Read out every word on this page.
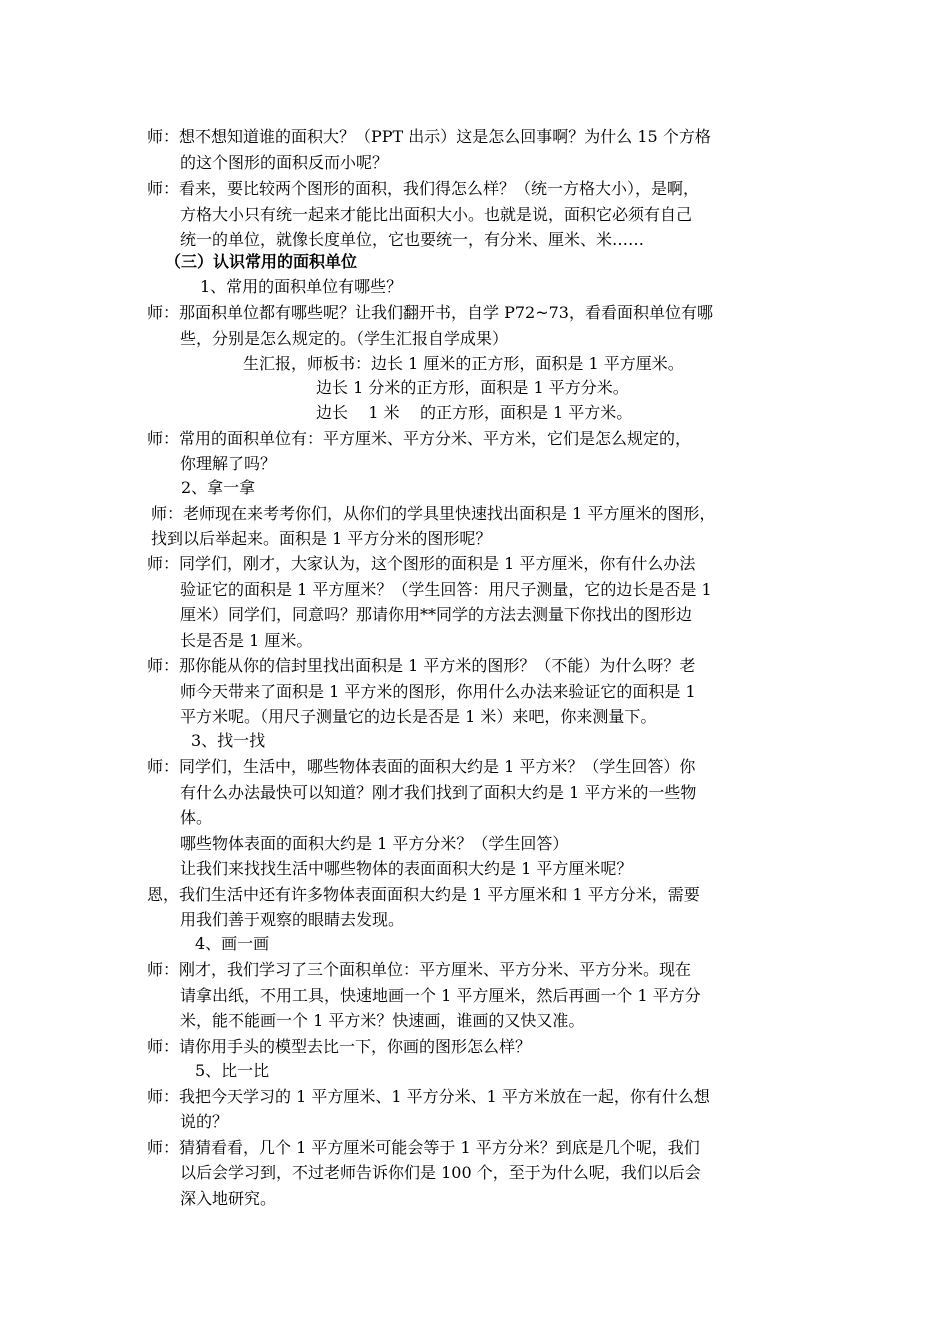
师：想不想知道谁的面积大？（PPT 出示）这是怎么回事啊？为什么 15 个方格
的这个图形的面积反而小呢？
师：看来，要比较两个图形的面积，我们得怎么样？（统一方格大小），是啊，
方格大小只有统一起来才能比出面积大小。也就是说，面积它必须有自己
统一的单位，就像长度单位，它也要统一，有分米、厘米、米……
（三）认识常用的面积单位
1、常用的面积单位有哪些？
师：那面积单位都有哪些呢？让我们翻开书，自学 P72~73，看看面积单位有哪
些，分别是怎么规定的。（学生汇报自学成果）
生汇报，师板书：边长 1 厘米的正方形，面积是 1 平方厘米。
边长 1 分米的正方形，面积是 1 平方分米。
边长    1 米    的正方形，面积是 1 平方米。
师：常用的面积单位有：平方厘米、平方分米、平方米，它们是怎么规定的，
你理解了吗？
2、拿一拿
师：老师现在来考考你们，从你们的学具里快速找出面积是 1 平方厘米的图形，
找到以后举起来。面积是 1 平方分米的图形呢？
师：同学们，刚才，大家认为，这个图形的面积是 1 平方厘米，你有什么办法
验证它的面积是 1 平方厘米？（学生回答：用尺子测量，它的边长是否是 1
厘米）同学们，同意吗？那请你用**同学的方法去测量下你找出的图形边
长是否是 1 厘米。
师：那你能从你的信封里找出面积是 1 平方米的图形？（不能）为什么呀？老
师今天带来了面积是 1 平方米的图形，你用什么办法来验证它的面积是 1
平方米呢。（用尺子测量它的边长是否是 1 米）来吧，你来测量下。
3、找一找
师：同学们，生活中，哪些物体表面的面积大约是 1 平方米？（学生回答）你
有什么办法最快可以知道？刚才我们找到了面积大约是 1 平方米的一些物
体。
哪些物体表面的面积大约是 1 平方分米？（学生回答）
让我们来找找生活中哪些物体的表面面积大约是 1 平方厘米呢？
恩，我们生活中还有许多物体表面面积大约是 1 平方厘米和 1 平方分米，需要
用我们善于观察的眼睛去发现。
4、画一画
师：刚才，我们学习了三个面积单位：平方厘米、平方分米、平方分米。现在
请拿出纸，不用工具，快速地画一个 1 平方厘米，然后再画一个 1 平方分
米，能不能画一个 1 平方米？快速画，谁画的又快又准。
师：请你用手头的模型去比一下，你画的图形怎么样？
5、比一比
师：我把今天学习的 1 平方厘米、1 平方分米、1 平方米放在一起，你有什么想
说的？
师：猜猜看看，几个 1 平方厘米可能会等于 1 平方分米？到底是几个呢，我们
以后会学习到，不过老师告诉你们是 100 个，至于为什么呢，我们以后会
深入地研究。
